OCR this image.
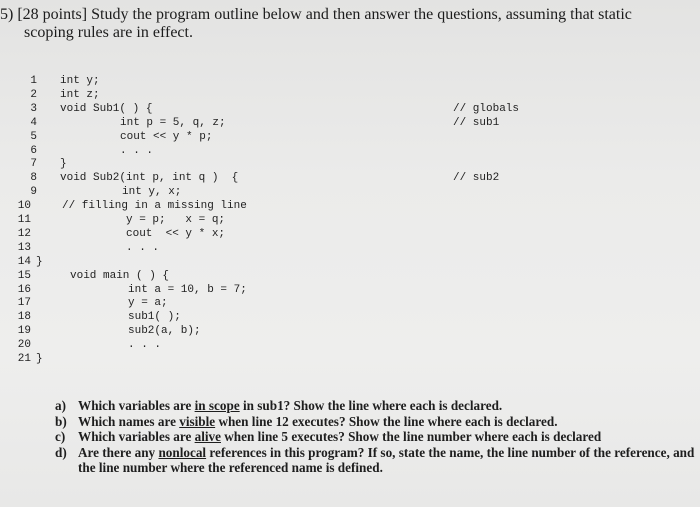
5) [28 points] Study the program outline below and then answer the questions, assuming that static
scoping rules are in effect.
1 int y;
2 int z;
3 void Sub1( ) {	// globals
4	int p = 5, q, z;	// sub1
5	cout << y * p;
6	. . .
7 }
8 void Sub2(int p, int q )  {	// sub2
9	int y, x;
10	// filling in a missing line
11	y = p;   x = q;
12	cout  << y * x;
13	. . .
14 }
15	void main ( ) {
16	int a = 10, b = 7;
17	y = a;
18	sub1( );
19	sub2(a, b);
20	. . .
21 }
a) Which variables are in scope in sub1? Show the line where each is declared.
b) Which names are visible when line 12 executes? Show the line where each is declared.
c) Which variables are alive when line 5 executes? Show the line number where each is declared
d) Are there any nonlocal references in this program? If so, state the name, the line number of the reference, and the line number where the referenced name is defined.
